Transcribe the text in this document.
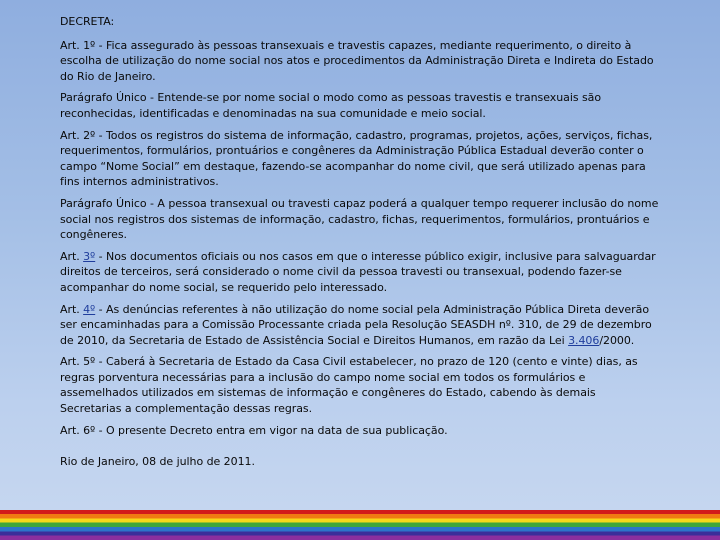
DECRETA:

Art. 1º - Fica assegurado às pessoas transexuais e travestis capazes, mediante requerimento, o direito à escolha de utilização do nome social nos atos e procedimentos da Administração Direta e Indireta do Estado do Rio de Janeiro.

Parágrafo Único - Entende-se por nome social o modo como as pessoas travestis e transexuais são reconhecidas, identificadas e denominadas na sua comunidade e meio social.

Art. 2º - Todos os registros do sistema de informação, cadastro, programas, projetos, ações, serviços, fichas, requerimentos, formulários, prontuários e congêneres da Administração Pública Estadual deverão conter o campo “Nome Social” em destaque, fazendo-se acompanhar do nome civil, que será utilizado apenas para fins internos administrativos.

Parágrafo Único - A pessoa transexual ou travesti capaz poderá a qualquer tempo requerer inclusão do nome social nos registros dos sistemas de informação, cadastro, fichas, requerimentos, formulários, prontuários e congêneres.

Art. 3º - Nos documentos oficiais ou nos casos em que o interesse público exigir, inclusive para salvaguardar direitos de terceiros, será considerado o nome civil da pessoa travesti ou transexual, podendo fazer-se acompanhar do nome social, se requerido pelo interessado.

Art. 4º - As denúncias referentes à não utilização do nome social pela Administração Pública Direta deverão ser encaminhadas para a Comissão Processante criada pela Resolução SEASDH nº. 310, de 29 de dezembro de 2010, da Secretaria de Estado de Assistência Social e Direitos Humanos, em razão da Lei 3.406/2000.

Art. 5º - Caberá à Secretaria de Estado da Casa Civil estabelecer, no prazo de 120 (cento e vinte) dias, as regras porventura necessárias para a inclusão do campo nome social em todos os formulários e assemelhados utilizados em sistemas de informação e congêneres do Estado, cabendo às demais Secretarias a complementação dessas regras.

Art. 6º - O presente Decreto entra em vigor na data de sua publicação.

Rio de Janeiro, 08 de julho de 2011.
